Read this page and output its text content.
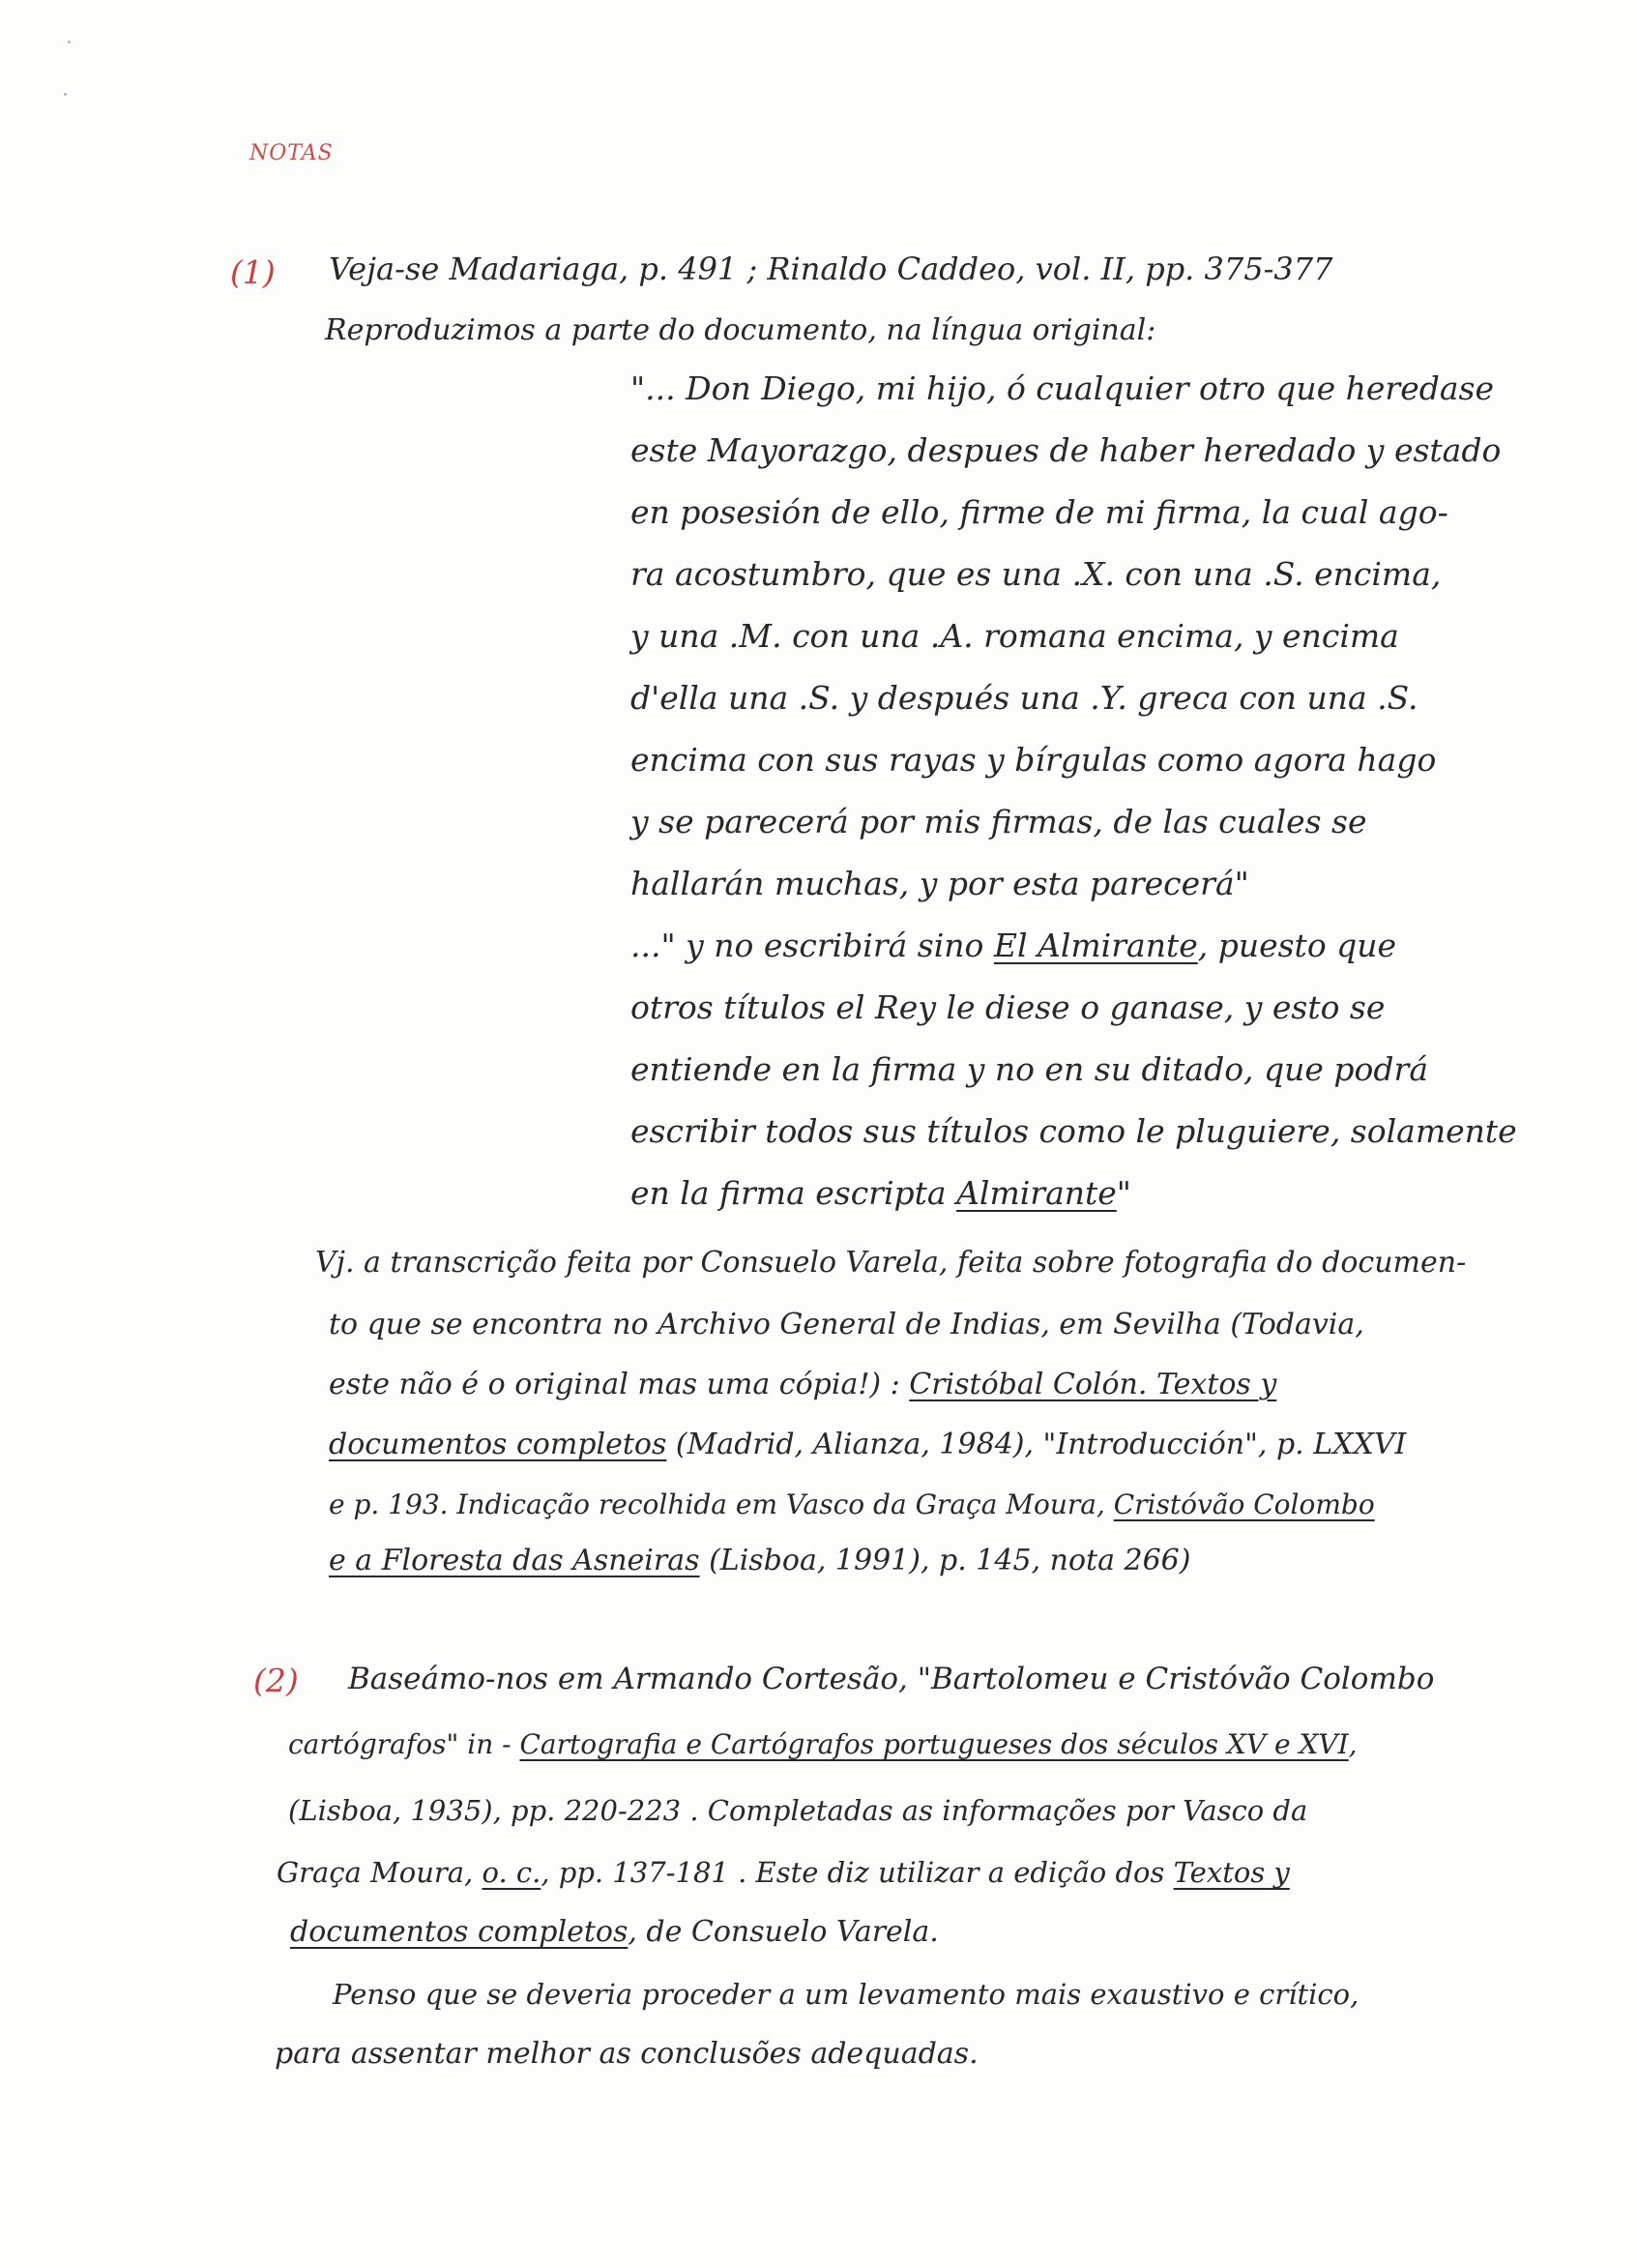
NOTAS
(1) Veja-se Madariaga, p. 491 ; Rinaldo Caddeo, vol. II, pp. 375-377
Reproduzimos a parte do documento, na língua original:
"... Don Diego, mi hijo, ó cualquier otro que heredase
este Mayorazgo, despues de haber heredado y estado
en posesión de ello, firme de mi firma, la cual ago-
ra acostumbro, que es una .X. con una .S. encima,
y una .M. con una .A. romana encima, y encima
d'ella una .S. y después una .Y. greca con una .S.
encima con sus rayas y bírgulas como agora hago
y se parecerá por mis firmas, de las cuales se
hallarán muchas, y por esta parecerá"
..." y no escribirá sino El Almirante, puesto que
otros títulos el Rey le diese o ganase, y esto se
entiende en la firma y no en su ditado, que podrá
escribir todos sus títulos como le pluguiere, solamente
en la firma escripta Almirante"
Vj. a transcrição feita por Consuelo Varela, feita sobre fotografia do documen-
to que se encontra no Archivo General de Indias, em Sevilha (Todavia,
este não é o original mas uma cópia!) : Cristóbal Colón. Textos y
documentos completos (Madrid, Alianza, 1984), "Introducción", p. LXXVI
e p. 193. Indicação recolhida em Vasco da Graça Moura, Cristóvão Colombo
e a Floresta das Asneiras (Lisboa, 1991), p. 145, nota 266)
(2) Baseámo-nos em Armando Cortesão, "Bartolomeu e Cristóvão Colombo
cartógrafos" in - Cartografia e Cartógrafos portugueses dos séculos XV e XVI,
(Lisboa, 1935), pp. 220-223 . Completadas as informações por Vasco da
Graça Moura, o. c., pp. 137-181 . Este diz utilizar a edição dos Textos y
documentos completos, de Consuelo Varela.
Penso que se deveria proceder a um levamento mais exaustivo e crítico,
para assentar melhor as conclusões adequadas.
